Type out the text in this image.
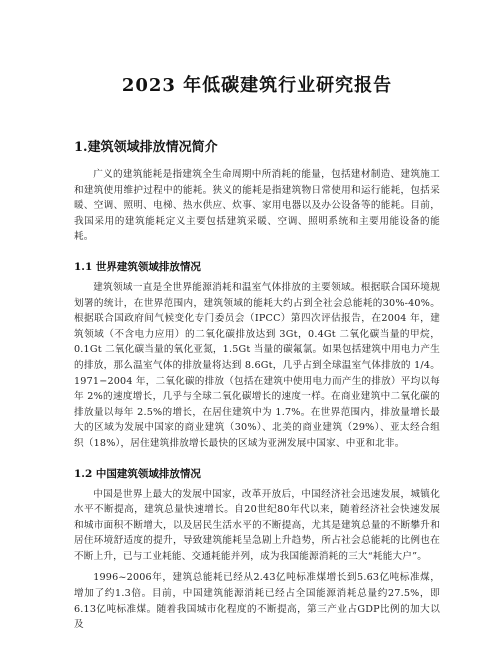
2023 年低碳建筑行业研究报告
1.建筑领域排放情况简介

广义的建筑能耗是指建筑全生命周期中所消耗的能量，包括建材制造、建筑施工和建筑使用维护过程中的能耗。狭义的能耗是指建筑物日常使用和运行能耗，包括采暖、空调、照明、电梯、热水供应、炊事、家用电器以及办公设备等的能耗。目前，我国采用的建筑能耗定义主要包括建筑采暖、空调、照明系统和主要用能设备的能耗。

1.1 世界建筑领域排放情况

建筑领域一直是全世界能源消耗和温室气体排放的主要领域。根据联合国环境规划署的统计，在世界范围内，建筑领域的能耗大约占到全社会总能耗的30%-40%。根据联合国政府间气候变化专门委员会（IPCC）第四次评估报告，在2004 年，建筑领域（不含电力应用）的二氧化碳排放达到 3Gt，0.4Gt 二氧化碳当量的甲烷，0.1Gt 二氧化碳当量的氧化亚氮，1.5Gt 当量的碳氟氯。如果包括建筑中用电力产生的排放，那么温室气体的排放量将达到 8.6Gt，几乎占到全球温室气体排放的 1/4。1971−2004 年，二氧化碳的排放（包括在建筑中使用电力而产生的排放）平均以每年 2%的速度增长，几乎与全球二氧化碳增长的速度一样。在商业建筑中二氧化碳的排放量以每年 2.5%的增长，在居住建筑中为 1.7%。在世界范围内，排放量增长最大的区域为发展中国家的商业建筑（30%）、北美的商业建筑（29%）、亚太经合组织（18%），居住建筑排放增长最快的区域为亚洲发展中国家、中亚和北非。

1.2 中国建筑领域排放情况

中国是世界上最大的发展中国家，改革开放后，中国经济社会迅速发展，城镇化水平不断提高，建筑总量快速增长。自20世纪80年代以来，随着经济社会快速发展和城市面积不断增大，以及居民生活水平的不断提高，尤其是建筑总量的不断攀升和居住环境舒适度的提升，导致建筑能耗呈急剧上升趋势，所占社会总能耗的比例也在不断上升，已与工业耗能、交通耗能并列，成为我国能源消耗的三大“耗能大户”。

1996~2006年，建筑总能耗已经从2.43亿吨标准煤增长到5.63亿吨标准煤，增加了约1.3倍。目前，中国建筑能源消耗已经占全国能源消耗总量约27.5%，即6.13亿吨标准煤。随着我国城市化程度的不断提高，第三产业占GDP比例的加大以及
